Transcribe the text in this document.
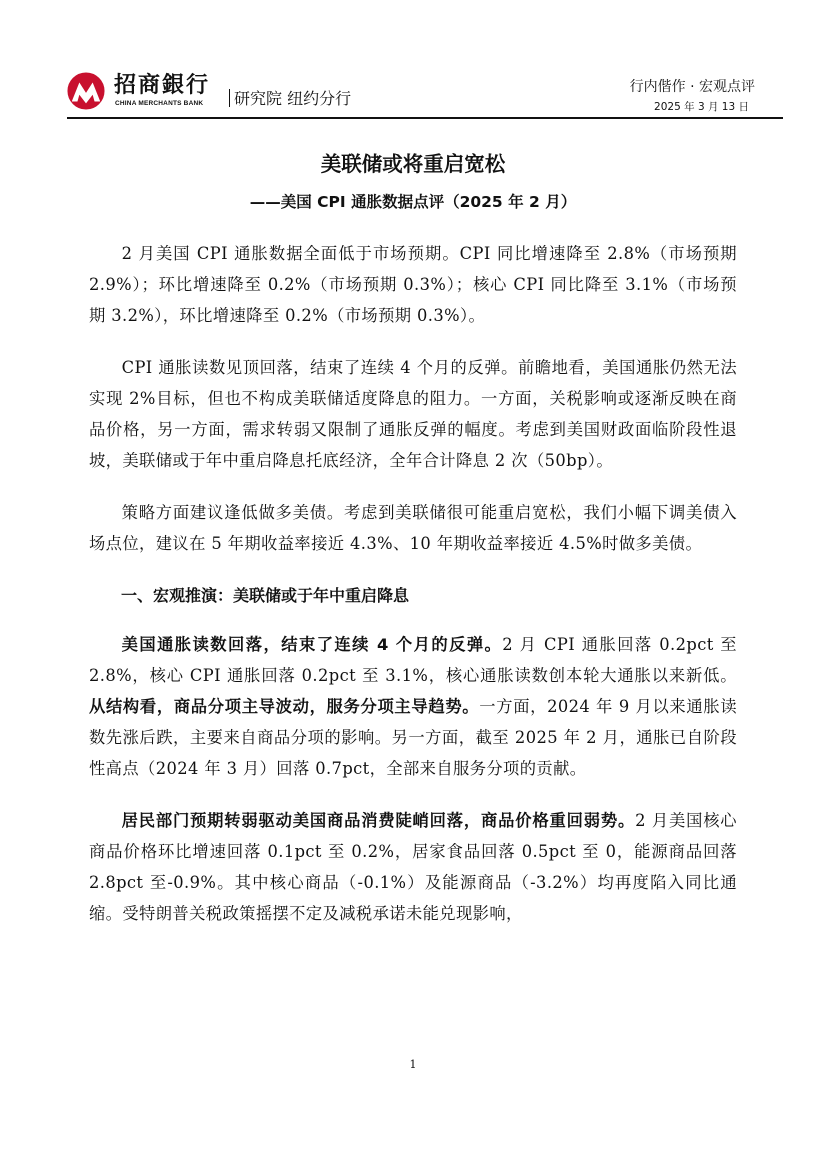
招商銀行
CHINA MERCHANTS BANK	研究院 纽约分行
行内偕作 · 宏观点评
2025 年 3 月 13 日
美联储或将重启宽松
——美国 CPI 通胀数据点评（2025 年 2 月）

2 月美国 CPI 通胀数据全面低于市场预期。CPI 同比增速降至 2.8%（市场预期 2.9%）；环比增速降至 0.2%（市场预期 0.3%）；核心 CPI 同比降至 3.1%（市场预期 3.2%），环比增速降至 0.2%（市场预期 0.3%）。

CPI 通胀读数见顶回落，结束了连续 4 个月的反弹。前瞻地看，美国通胀仍然无法实现 2%目标，但也不构成美联储适度降息的阻力。一方面，关税影响或逐渐反映在商品价格，另一方面，需求转弱又限制了通胀反弹的幅度。考虑到美国财政面临阶段性退坡，美联储或于年中重启降息托底经济，全年合计降息 2 次（50bp）。

策略方面建议逢低做多美债。考虑到美联储很可能重启宽松，我们小幅下调美债入场点位，建议在 5 年期收益率接近 4.3%、10 年期收益率接近 4.5%时做多美债。

一、宏观推演：美联储或于年中重启降息

美国通胀读数回落，结束了连续 4 个月的反弹。2 月 CPI 通胀回落 0.2pct 至 2.8%，核心 CPI 通胀回落 0.2pct 至 3.1%，核心通胀读数创本轮大通胀以来新低。从结构看，商品分项主导波动，服务分项主导趋势。一方面，2024 年 9 月以来通胀读数先涨后跌，主要来自商品分项的影响。另一方面，截至 2025 年 2 月，通胀已自阶段性高点（2024 年 3 月）回落 0.7pct，全部来自服务分项的贡献。

居民部门预期转弱驱动美国商品消费陡峭回落，商品价格重回弱势。2 月美国核心商品价格环比增速回落 0.1pct 至 0.2%，居家食品回落 0.5pct 至 0，能源商品回落 2.8pct 至-0.9%。其中核心商品（-0.1%）及能源商品（-3.2%）均再度陷入同比通缩。受特朗普关税政策摇摆不定及减税承诺未能兑现影响，

1
